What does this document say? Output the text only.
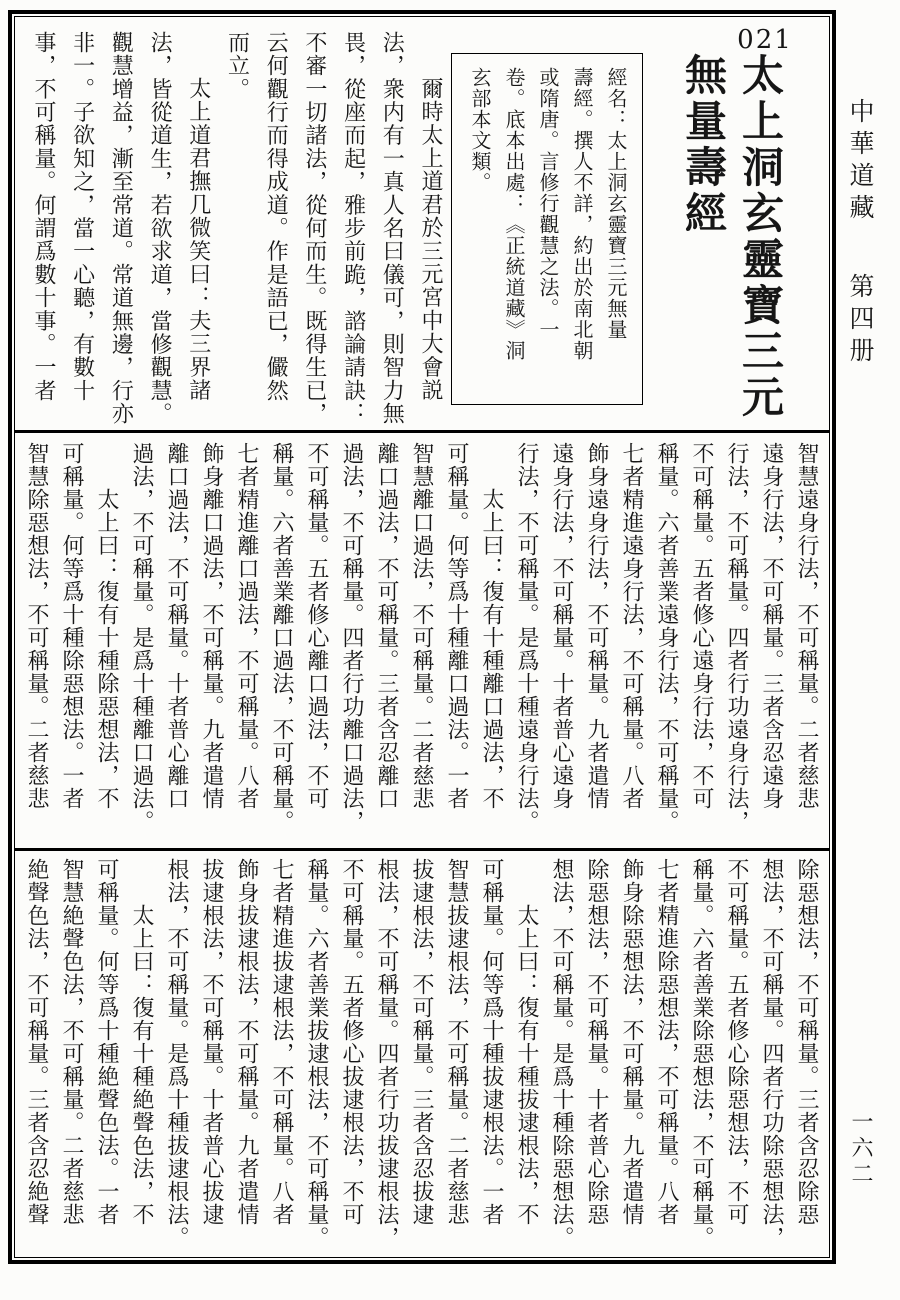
021
太上洞玄靈寶三元
無量壽經
經名：太上洞玄靈寶三元無量
壽經。撰人不詳，約出於南北朝
或隋唐。言修行觀慧之法。一
卷。底本出處：《正統道藏》洞
玄部本文類。
爾時太上道君於三元宮中大會説
法，衆内有一真人名曰儀可，則智力無
畏，從座而起，雅步前跪，諮論請訣：
不審一切諸法，從何而生。既得生已，
云何觀行而得成道。作是語已，儼然
而立。
太上道君撫几微笑曰：夫三界諸
法，皆從道生，若欲求道，當修觀慧。
觀慧增益，漸至常道。常道無邊，行亦
非一。子欲知之，當一心聽，有數十
事，不可稱量。何謂爲數十事。一者
智慧遠身行法，不可稱量。二者慈悲
遠身行法，不可稱量。三者含忍遠身
行法，不可稱量。四者行功遠身行法，
不可稱量。五者修心遠身行法，不可
稱量。六者善業遠身行法，不可稱量。
七者精進遠身行法，不可稱量。八者
飾身遠身行法，不可稱量。九者遣情
遠身行法，不可稱量。十者普心遠身
行法，不可稱量。是爲十種遠身行法。
太上曰：復有十種離口過法，不
可稱量。何等爲十種離口過法。一者
智慧離口過法，不可稱量。二者慈悲
離口過法，不可稱量。三者含忍離口
過法，不可稱量。四者行功離口過法，
不可稱量。五者修心離口過法，不可
稱量。六者善業離口過法，不可稱量。
七者精進離口過法，不可稱量。八者
飾身離口過法，不可稱量。九者遣情
離口過法，不可稱量。十者普心離口
過法，不可稱量。是爲十種離口過法。
太上曰：復有十種除惡想法，不
可稱量。何等爲十種除惡想法。一者
智慧除惡想法，不可稱量。二者慈悲
除惡想法，不可稱量。三者含忍除惡
想法，不可稱量。四者行功除惡想法，
不可稱量。五者修心除惡想法，不可
稱量。六者善業除惡想法，不可稱量。
七者精進除惡想法，不可稱量。八者
飾身除惡想法，不可稱量。九者遣情
除惡想法，不可稱量。十者普心除惡
想法，不可稱量。是爲十種除惡想法。
太上曰：復有十種拔逮根法，不
可稱量。何等爲十種拔逮根法。一者
智慧拔逮根法，不可稱量。二者慈悲
拔逮根法，不可稱量。三者含忍拔逮
根法，不可稱量。四者行功拔逮根法，
不可稱量。五者修心拔逮根法，不可
稱量。六者善業拔逮根法，不可稱量。
七者精進拔逮根法，不可稱量。八者
飾身拔逮根法，不可稱量。九者遣情
拔逮根法，不可稱量。十者普心拔逮
根法，不可稱量。是爲十種拔逮根法。
太上曰：復有十種絶聲色法，不
可稱量。何等爲十種絶聲色法。一者
智慧絶聲色法，不可稱量。二者慈悲
絶聲色法，不可稱量。三者含忍絶聲
中華道藏 第四册
一六二
